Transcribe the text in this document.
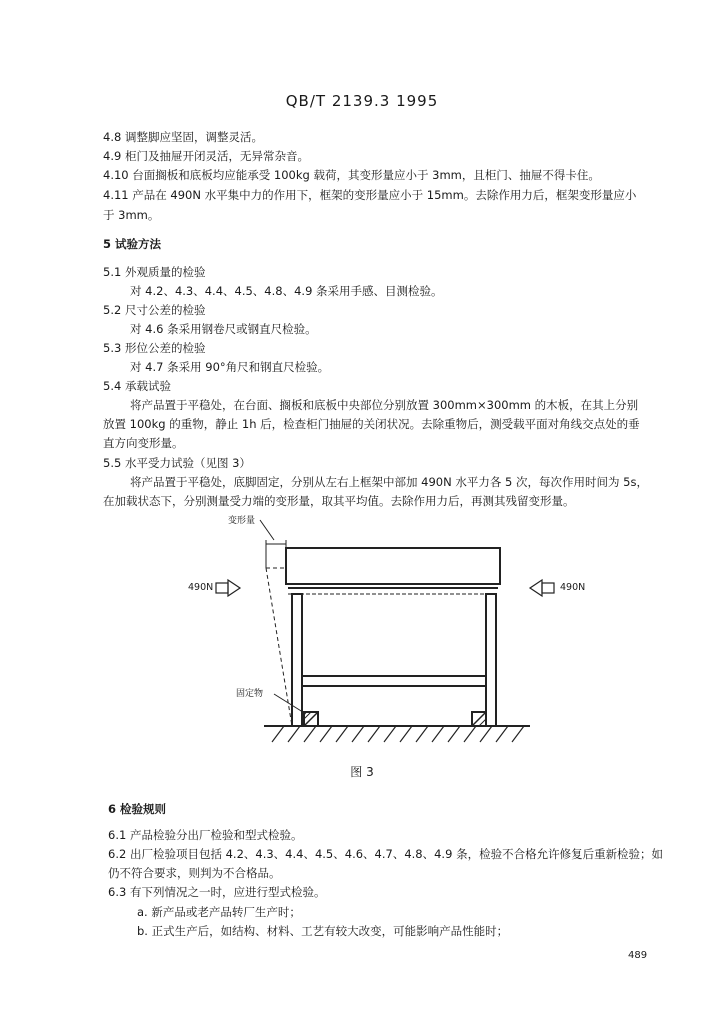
QB/T 2139.3 1995
4.8 调整脚应坚固，调整灵活。
4.9 柜门及抽屉开闭灵活，无异常杂音。
4.10 台面搁板和底板均应能承受 100kg 载荷，其变形量应小于 3mm，且柜门、抽屉不得卡住。
4.11 产品在 490N 水平集中力的作用下，框架的变形量应小于 15mm。去除作用力后，框架变形量应小
于 3mm。
5 试验方法
5.1 外观质量的检验
对 4.2、4.3、4.4、4.5、4.8、4.9 条采用手感、目测检验。
5.2 尺寸公差的检验
对 4.6 条采用钢卷尺或钢直尺检验。
5.3 形位公差的检验
对 4.7 条采用 90°角尺和钢直尺检验。
5.4 承载试验
将产品置于平稳处，在台面、搁板和底板中央部位分别放置 300mm×300mm 的木板，在其上分别
放置 100kg 的重物，静止 1h 后，检查柜门抽屉的关闭状况。去除重物后，测受载平面对角线交点处的垂
直方向变形量。
5.5 水平受力试验（见图 3）
将产品置于平稳处，底脚固定，分别从左右上框架中部加 490N 水平力各 5 次，每次作用时间为 5s，
在加载状态下，分别测量受力端的变形量，取其平均值。去除作用力后，再测其残留变形量。
变形量
490N	490N
固定物
图 3
6 检验规则
6.1 产品检验分出厂检验和型式检验。
6.2 出厂检验项目包括 4.2、4.3、4.4、4.5、4.6、4.7、4.8、4.9 条，检验不合格允许修复后重新检验；如
仍不符合要求，则判为不合格品。
6.3 有下列情况之一时，应进行型式检验。
a. 新产品或老产品转厂生产时；
b. 正式生产后，如结构、材料、工艺有较大改变，可能影响产品性能时；
489
